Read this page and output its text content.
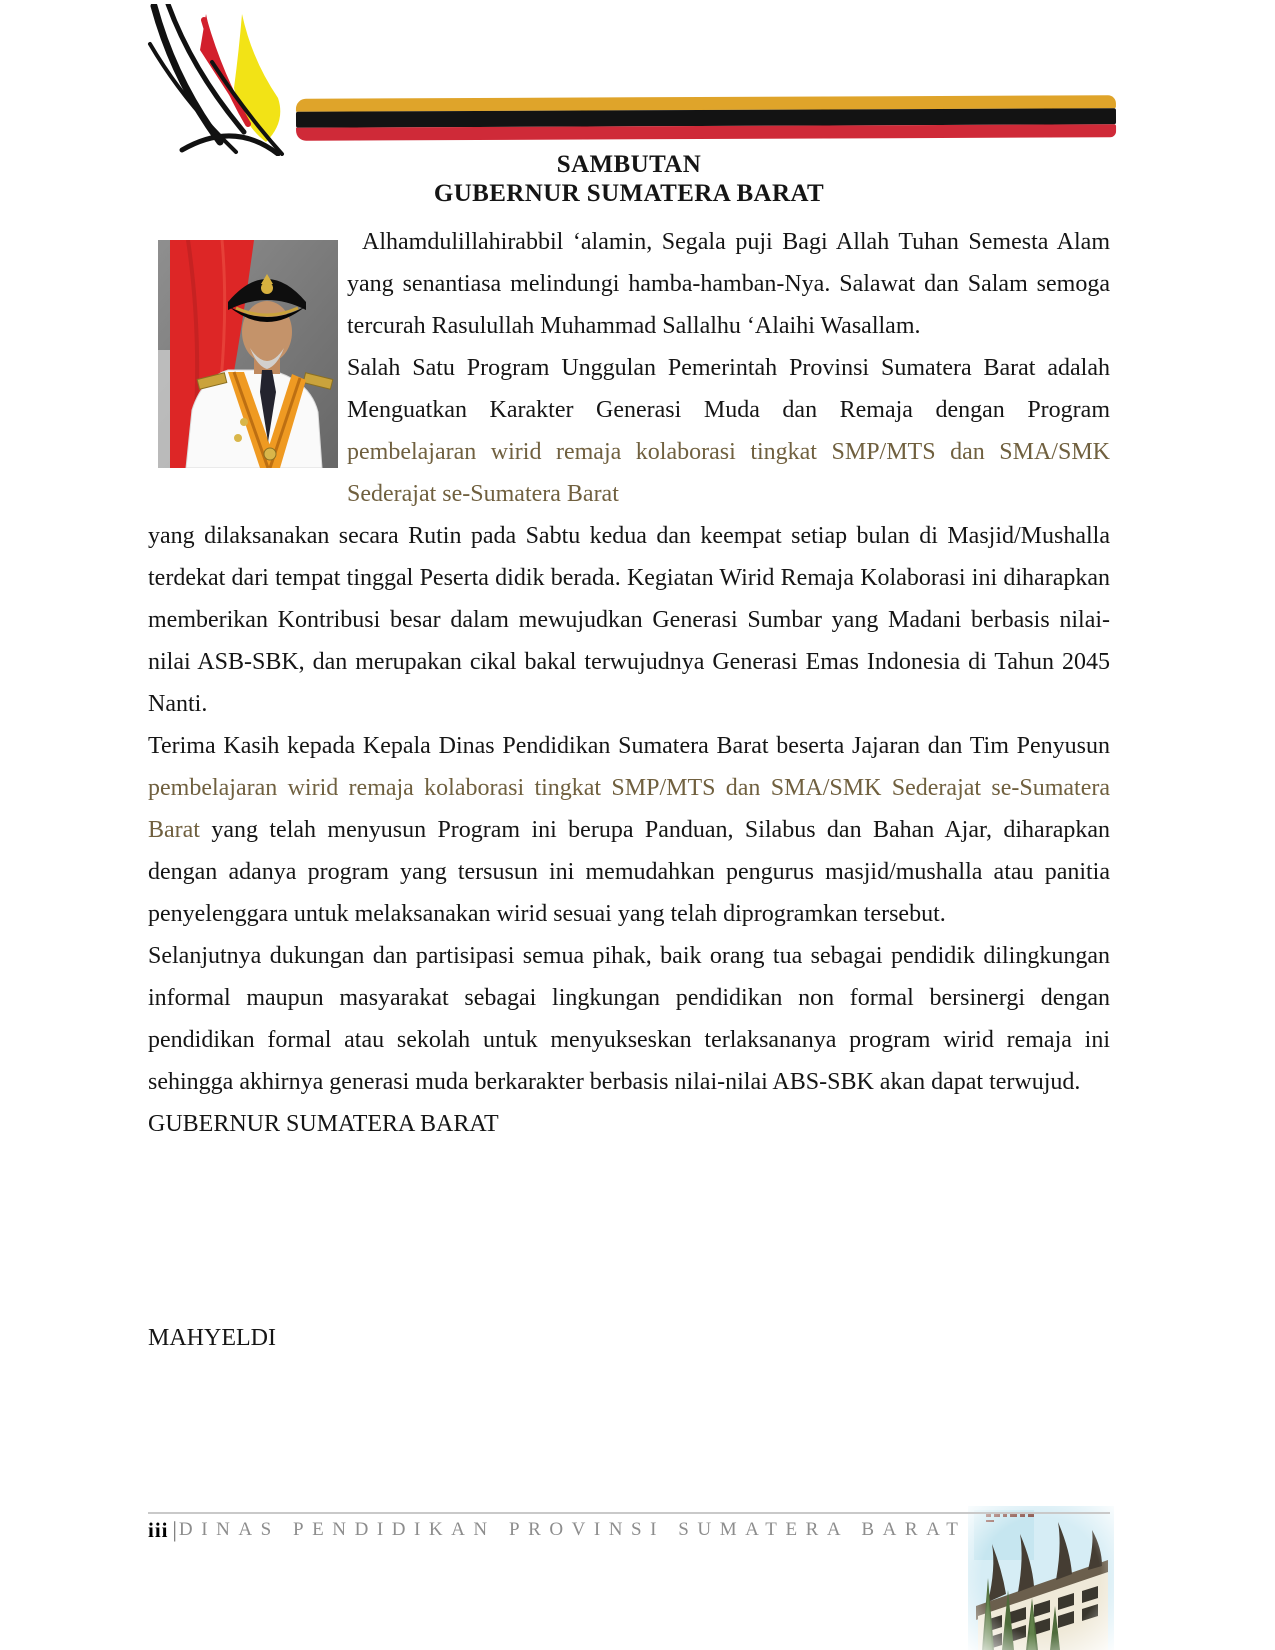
SAMBUTAN
GUBERNUR SUMATERA BARAT

Alhamdulillahirabbil ‘alamin, Segala puji Bagi Allah Tuhan Semesta Alam yang senantiasa melindungi hamba-hamban-Nya. Salawat dan Salam semoga tercurah Rasulullah Muhammad Sallalhu ‘Alaihi Wasallam.

Salah Satu Program Unggulan Pemerintah Provinsi Sumatera Barat adalah Menguatkan Karakter Generasi Muda dan Remaja dengan Program pembelajaran wirid remaja kolaborasi tingkat SMP/MTS dan SMA/SMK Sederajat se-Sumatera Barat

yang dilaksanakan secara Rutin pada Sabtu kedua dan keempat setiap bulan di Masjid/Mushalla terdekat dari tempat tinggal Peserta didik berada. Kegiatan Wirid Remaja Kolaborasi ini diharapkan memberikan Kontribusi besar dalam mewujudkan Generasi Sumbar yang Madani berbasis nilai-nilai ASB-SBK, dan merupakan cikal bakal terwujudnya Generasi Emas Indonesia di Tahun 2045 Nanti.

Terima Kasih kepada Kepala Dinas Pendidikan Sumatera Barat beserta Jajaran dan Tim Penyusun pembelajaran wirid remaja kolaborasi tingkat SMP/MTS dan SMA/SMK Sederajat se-Sumatera Barat yang telah menyusun Program ini berupa Panduan, Silabus dan Bahan Ajar, diharapkan dengan adanya program yang tersusun ini memudahkan pengurus masjid/mushalla atau panitia penyelenggara untuk melaksanakan wirid sesuai yang telah diprogramkan tersebut.

Selanjutnya dukungan dan partisipasi semua pihak, baik orang tua sebagai pendidik dilingkungan informal maupun masyarakat sebagai lingkungan pendidikan non formal bersinergi dengan pendidikan formal atau sekolah untuk menyukseskan terlaksananya program wirid remaja ini sehingga akhirnya generasi muda berkarakter berbasis nilai-nilai ABS-SBK akan dapat terwujud.

GUBERNUR SUMATERA BARAT

MAHYELDI

iii | DINAS PENDIDIKAN PROVINSI SUMATERA BARAT
